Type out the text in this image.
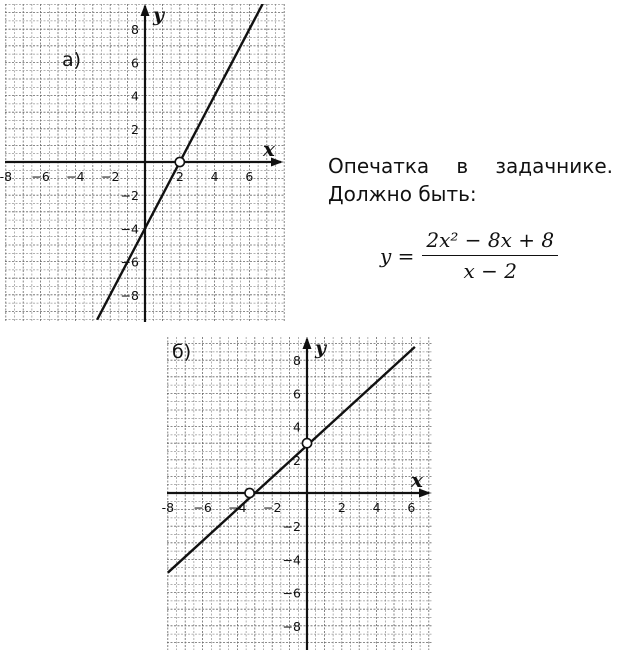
x
y
-8 −6 −4 −2	2 4 6
8
6
4
2
−2
−4
−6
−8
а)
x
y
-8 −6 −4 −2	2 4 6
8
6
4
2
−2
−4
−6
−8
б)
Опечатка в задачнике.
Должно быть:
$y = \frac{\text{2x² − 8x + 8}}{x - 2}$
